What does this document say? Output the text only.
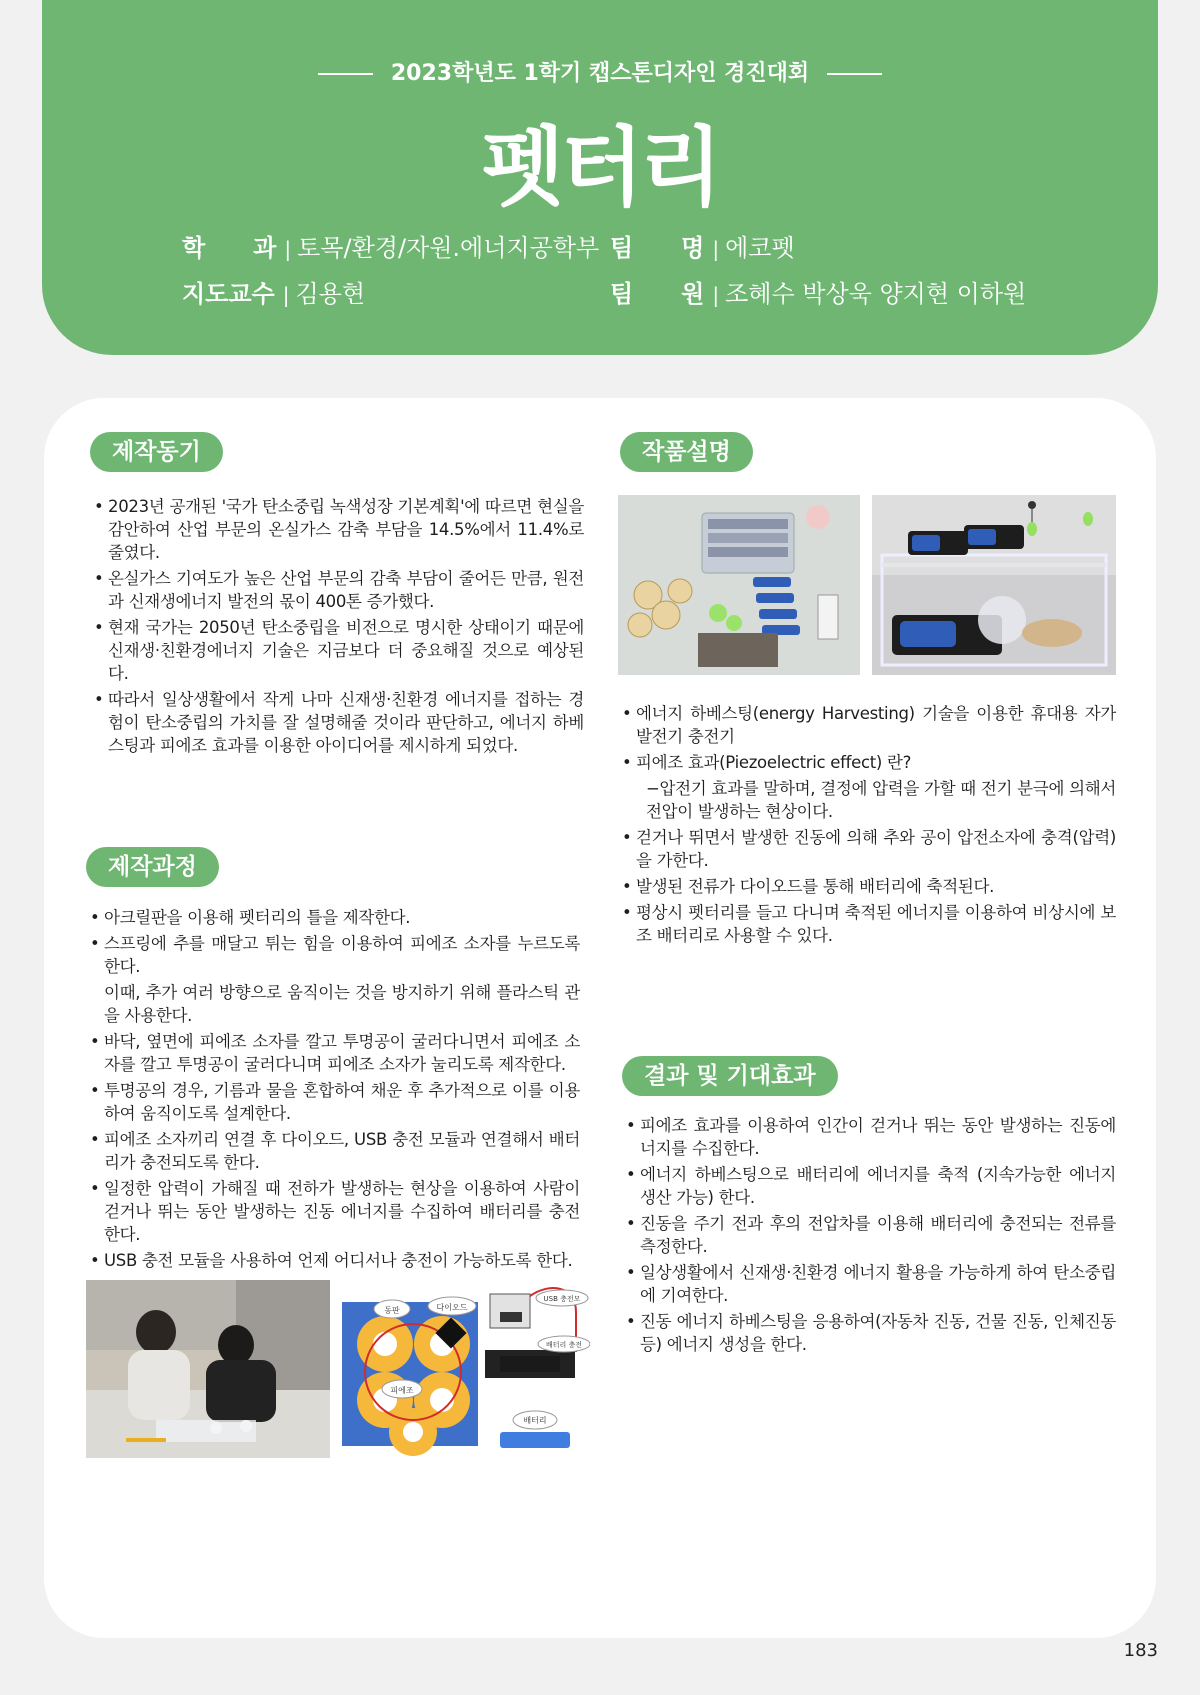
2023학년도 1학기 캡스톤디자인 경진대회
펫터리
학　　과 | 토목/환경/자원.에너지공학부
지도교수 | 김용현
팀　　명 | 에코펫
팀　　원 | 조혜수 박상욱 양지현 이하원
제작동기
• 2023년 공개된 '국가 탄소중립 녹색성장 기본계획'에 따르면 현실을 감안하여 산업 부문의 온실가스 감축 부담을 14.5%에서 11.4%로 줄였다.
• 온실가스 기여도가 높은 산업 부문의 감축 부담이 줄어든 만큼, 원전과 신재생에너지 발전의 몫이 400톤 증가했다.
• 현재 국가는 2050년 탄소중립을 비전으로 명시한 상태이기 때문에 신재생·친환경에너지 기술은 지금보다 더 중요해질 것으로 예상된다.
• 따라서 일상생활에서 작게 나마 신재생·친환경 에너지를 접하는 경험이 탄소중립의 가치를 잘 설명해줄 것이라 판단하고, 에너지 하베스팅과 피에조 효과를 이용한 아이디어를 제시하게 되었다.
제작과정
• 아크릴판을 이용해 펫터리의 틀을 제작한다.
• 스프링에 추를 매달고 튀는 힘을 이용하여 피에조 소자를 누르도록 한다.
이때, 추가 여러 방향으로 움직이는 것을 방지하기 위해 플라스틱 관을 사용한다.
• 바닥, 옆면에 피에조 소자를 깔고 투명공이 굴러다니면서 피에조 소자를 깔고 투명공이 굴러다니며 피에조 소자가 눌리도록 제작한다.
• 투명공의 경우, 기름과 물을 혼합하여 채운 후 추가적으로 이를 이용하여 움직이도록 설계한다.
• 피에조 소자끼리 연결 후 다이오드, USB 충전 모듈과 연결해서 배터리가 충전되도록 한다.
• 일정한 압력이 가해질 때 전하가 발생하는 현상을 이용하여 사람이 걷거나 뛰는 동안 발생하는 진동 에너지를 수집하여 배터리를 충전한다.
• USB 충전 모듈을 사용하여 언제 어디서나 충전이 가능하도록 한다.
동판	다이오드
피에조
USB 충전모
배터리 충전
배터리
작품설명
• 에너지 하베스팅(energy Harvesting) 기술을 이용한 휴대용 자가발전기 충전기
• 피에조 효과(Piezoelectric effect) 란?
−압전기 효과를 말하며, 결정에 압력을 가할 때 전기 분극에 의해서 전압이 발생하는 현상이다.
• 걷거나 뛰면서 발생한 진동에 의해 추와 공이 압전소자에 충격(압력)을 가한다.
• 발생된 전류가 다이오드를 통해 배터리에 축적된다.
• 평상시 펫터리를 들고 다니며 축적된 에너지를 이용하여 비상시에 보조 배터리로 사용할 수 있다.
결과 및 기대효과
• 피에조 효과를 이용하여 인간이 걷거나 뛰는 동안 발생하는 진동에너지를 수집한다.
• 에너지 하베스팅으로 배터리에 에너지를 축적 (지속가능한 에너지 생산 가능) 한다.
• 진동을 주기 전과 후의 전압차를 이용해 배터리에 충전되는 전류를 측정한다.
• 일상생활에서 신재생·친환경 에너지 활용을 가능하게 하여 탄소중립에 기여한다.
• 진동 에너지 하베스팅을 응용하여(자동차 진동, 건물 진동, 인체진동 등) 에너지 생성을 한다.
183
